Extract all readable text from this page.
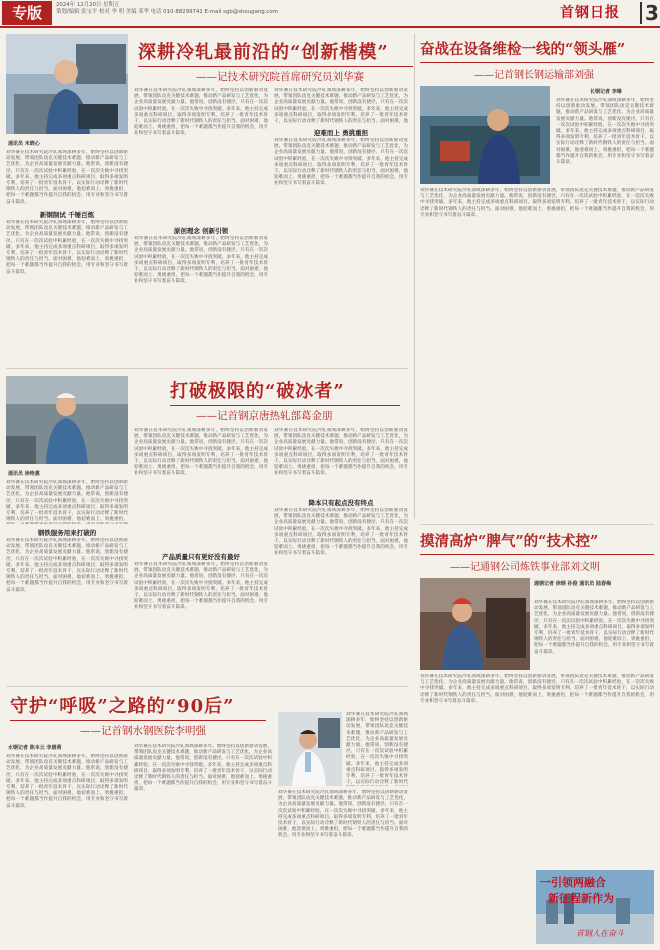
专版	2024年 12月20日 星期五
策划/编辑 张宝平 校对 李 明 美编 邓华 电话 010-88299741 E-mail sgb@shougang.com	首钢日报 3
深耕冷轧最前沿的“创新楷模”
——记技术研究院首席研究员刘华赛
通讯员 米晓心
刘华赛在技术研究院冷轧领域深耕多年，始终坚持以创新驱动发展，带领团队攻克关键技术难题，推动新产品研发与工艺优化，为企业高质量发展贡献力量。他常说，创新没有捷径，只有在一次次试验中积累经验，在一次次失败中寻找突破。多年来，他主持完成多项重点科研项目，取得多项发明专利，培养了一批青年技术骨干，以实际行动诠释了新时代钢铁人的责任与担当。面对困难，他迎难而上、勇挑重担，把每一个难题都当作提升自我的机会，用专业和坚守书写着奋斗篇章。
新钢制试 千锤百炼
刘华赛在技术研究院冷轧领域深耕多年，始终坚持以创新驱动发展，带领团队攻克关键技术难题，推动新产品研发与工艺优化，为企业高质量发展贡献力量。他常说，创新没有捷径，只有在一次次试验中积累经验，在一次次失败中寻找突破。多年来，他主持完成多项重点科研项目，取得多项发明专利，培养了一批青年技术骨干，以实际行动诠释了新时代钢铁人的责任与担当。面对困难，他迎难而上、勇挑重担，把每一个难题都当作提升自我的机会，用专业和坚守书写着奋斗篇章。
刘华赛在技术研究院冷轧领域深耕多年，始终坚持以创新驱动发展，带领团队攻克关键技术难题，推动新产品研发与工艺优化，为企业高质量发展贡献力量。他常说，创新没有捷径，只有在一次次试验中积累经验，在一次次失败中寻找突破。多年来，他主持完成多项重点科研项目，取得多项发明专利，培养了一批青年技术骨干，以实际行动诠释了新时代钢铁人的责任与担当。面对困难，他迎难而上、勇挑重担，把每一个难题都当作提升自我的机会，用专业和坚守书写着奋斗篇章。
原创理念 创新引领
刘华赛在技术研究院冷轧领域深耕多年，始终坚持以创新驱动发展，带领团队攻克关键技术难题，推动新产品研发与工艺优化，为企业高质量发展贡献力量。他常说，创新没有捷径，只有在一次次试验中积累经验，在一次次失败中寻找突破。多年来，他主持完成多项重点科研项目，取得多项发明专利，培养了一批青年技术骨干，以实际行动诠释了新时代钢铁人的责任与担当。面对困难，他迎难而上、勇挑重担，把每一个难题都当作提升自我的机会，用专业和坚守书写着奋斗篇章。
刘华赛在技术研究院冷轧领域深耕多年，始终坚持以创新驱动发展，带领团队攻克关键技术难题，推动新产品研发与工艺优化，为企业高质量发展贡献力量。他常说，创新没有捷径，只有在一次次试验中积累经验，在一次次失败中寻找突破。多年来，他主持完成多项重点科研项目，取得多项发明专利，培养了一批青年技术骨干，以实际行动诠释了新时代钢铁人的责任与担当。面对困难，他
迎难而上 勇挑重担
刘华赛在技术研究院冷轧领域深耕多年，始终坚持以创新驱动发展，带领团队攻克关键技术难题，推动新产品研发与工艺优化，为企业高质量发展贡献力量。他常说，创新没有捷径，只有在一次次试验中积累经验，在一次次失败中寻找突破。多年来，他主持完成多项重点科研项目，取得多项发明专利，培养了一批青年技术骨干，以实际行动诠释了新时代钢铁人的责任与担当。面对困难，他迎难而上、勇挑重担，把每一个难题都当作提升自我的机会，用专业和坚守书写着奋斗篇章。
奋战在设备维检一线的“领头雁”
——记首钢长钢运输部刘强
长钢记者 李琳
刘华赛在技术研究院冷轧领域深耕多年，始终坚持以创新驱动发展，带领团队攻克关键技术难题，推动新产品研发与工艺优化，为企业高质量发展贡献力量。他常说，创新没有捷径，只有在一次次试验中积累经验，在一次次失败中寻找突破。多年来，他主持完成多项重点科研项目，取得多项发明专利，培养了一批青年技术骨干，以实际行动诠释了新时代钢铁人的责任与担当。面对困难，他迎难而上、勇挑重担，把每一个难题都当作提升自我的机会，用专业和坚守书写着奋斗篇章。
刘华赛在技术研究院冷轧领域深耕多年，始终坚持以创新驱动发展，带领团队攻克关键技术难题，推动新产品研发与工艺优化，为企业高质量发展贡献力量。他常说，创新没有捷径，只有在一次次试验中积累经验，在一次次失败中寻找突破。多年来，他主持完成多项重点科研项目，取得多项发明专利，培养了一批青年技术骨干，以实际行动诠释了新时代钢铁人的责任与担当。面对困难，他迎难而上、勇挑重担，把每一个难题都当作提升自我的机会，用专业和坚守书写着奋斗篇章。
打破极限的“破冰者”
——记首钢京唐热轧部葛金朋
通讯员 徐艳惠
刘华赛在技术研究院冷轧领域深耕多年，始终坚持以创新驱动发展，带领团队攻克关键技术难题，推动新产品研发与工艺优化，为企业高质量发展贡献力量。他常说，创新没有捷径，只有在一次次试验中积累经验，在一次次失败中寻找突破。多年来，他主持完成多项重点科研项目，取得多项发明专利，培养了一批青年技术骨干，以实际行动诠释了新时代钢铁人的责任与担当。面对困难，他迎难而上、勇挑重担，
钢铁服务用来打破的
刘华赛在技术研究院冷轧领域深耕多年，始终坚持以创新驱动发展，带领团队攻克关键技术难题，推动新产品研发与工艺优化，为企业高质量发展贡献力量。他常说，创新没有捷径，只有在一次次试验中积累经验，在一次次失败中寻找突破。多年来，他主持完成多项重点科研项目，取得多项发明专利，培养了一批青年技术骨干，以实际行动诠释了新时代钢铁人的责任与担当。面对困难，他迎难而上、勇挑重担，把每一个难题都当作提升自我的机会，用专业和坚守书写着奋斗篇章。
刘华赛在技术研究院冷轧领域深耕多年，始终坚持以创新驱动发展，带领团队攻克关键技术难题，推动新产品研发与工艺优化，为企业高质量发展贡献力量。他常说，创新没有捷径，只有在一次次试验中积累经验，在一次次失败中寻找突破。多年来，他主持完成多项重点科研项目，取得多项发明专利，培养了一批青年技术骨干，以实际行动诠释了新时代钢铁人的责任与担当。面对困难，他迎难而上、勇挑重担，把每一个难题都当作提升自我的机会，用专业和坚守书写着奋斗篇章。
产品质量只有更好没有最好
刘华赛在技术研究院冷轧领域深耕多年，始终坚持以创新驱动发展，带领团队攻克关键技术难题，推动新产品研发与工艺优化，为企业高质量发展贡献力量。他常说，创新没有捷径，只有在一次次试验中积累经验，在一次次失败中寻找突破。多年来，他主持完成多项重点科研项目，取得多项发明专利，培养了一批青年技术骨干，以实际行动诠释了新时代钢铁人的责任与担当。面对困难，他迎难而上、勇挑重担，把每一个难题都当作提升自我的机会，用专业和坚守书写着奋斗篇章。
刘华赛在技术研究院冷轧领域深耕多年，始终坚持以创新驱动发展，带领团队攻克关键技术难题，推动新产品研发与工艺优化，为企业高质量发展贡献力量。他常说，创新没有捷径，只有在一次次试验中积累经验，在一次次失败中寻找突破。多年来，他主持完成多项重点科研项目，取得多项发明专利，培养了一批青年技术骨干，以实际行动诠释了新时代钢铁人的责任与担当。面对困难，他迎难而上、勇挑重担，把每一个难题都当作提升自我的机会，用专业和坚守书写着奋斗篇章。
降本只有起点没有终点
刘华赛在技术研究院冷轧领域深耕多年，始终坚持以创新驱动发展，带领团队攻克关键技术难题，推动新产品研发与工艺优化，为企业高质量发展贡献力量。他常说，创新没有捷径，只有在一次次试验中积累经验，在一次次失败中寻找突破。多年来，他主持完成多项重点科研项目，取得多项发明专利，培养了一批青年技术骨干，以实际行动诠释了新时代钢铁人的责任与担当。面对困难，他迎难而上、勇挑重担，把每一个难题都当作提升自我的机会，用专业和坚守书写着奋斗篇章。
摸清高炉“脾气”的“技术控”
——记通钢公司炼铁事业部刘文明
通钢记者 徐钢 孙俊 通讯员 陆春梅
刘华赛在技术研究院冷轧领域深耕多年，始终坚持以创新驱动发展，带领团队攻克关键技术难题，推动新产品研发与工艺优化，为企业高质量发展贡献力量。他常说，创新没有捷径，只有在一次次试验中积累经验，在一次次失败中寻找突破。多年来，他主持完成多项重点科研项目，取得多项发明专利，培养了一批青年技术骨干，以实际行动诠释了新时代钢铁人的责任与担当。面对困难，他迎难而上、勇挑重担，把每一个难题都当作提升自我的机会，用专业和坚守书写着奋斗篇章。
刘华赛在技术研究院冷轧领域深耕多年，始终坚持以创新驱动发展，带领团队攻克关键技术难题，推动新产品研发与工艺优化，为企业高质量发展贡献力量。他常说，创新没有捷径，只有在一次次试验中积累经验，在一次次失败中寻找突破。多年来，他主持完成多项重点科研项目，取得多项发明专利，培养了一批青年技术骨干，以实际行动诠释了新时代钢铁人的责任与担当。面对困难，他迎难而上、勇挑重担，把每一个难题都当作提升自我的机会，用专业和坚守书写着奋斗篇章。
守护“呼吸”之路的“90后”
——记首钢水钢医院李明强
水钢记者 陈本云 李晨萌
刘华赛在技术研究院冷轧领域深耕多年，始终坚持以创新驱动发展，带领团队攻克关键技术难题，推动新产品研发与工艺优化，为企业高质量发展贡献力量。他常说，创新没有捷径，只有在一次次试验中积累经验，在一次次失败中寻找突破。多年来，他主持完成多项重点科研项目，取得多项发明专利，培养了一批青年技术骨干，以实际行动诠释了新时代钢铁人的责任与担当。面对困难，他迎难而上、勇挑重担，把每一个难题都当作提升自我的机会，用专业和坚守书写着奋斗篇章。
刘华赛在技术研究院冷轧领域深耕多年，始终坚持以创新驱动发展，带领团队攻克关键技术难题，推动新产品研发与工艺优化，为企业高质量发展贡献力量。他常说，创新没有捷径，只有在一次次试验中积累经验，在一次次失败中寻找突破。多年来，他主持完成多项重点科研项目，取得多项发明专利，培养了一批青年技术骨干，以实际行动诠释了新时代钢铁人的责任与担当。面对困难，他迎难而上、勇挑重担，把每一个难题都当作提升自我的机会，用专业和坚守书写着奋斗篇章。
刘华赛在技术研究院冷轧领域深耕多年，始终坚持以创新驱动发展，带领团队攻克关键技术难题，推动新产品研发与工艺优化，为企业高质量发展贡献力量。他常说，创新没有捷径，只有在一次次试验中积累经验，在一次次失败中寻找突破。多年来，他主持完成多项重点科研项目，取得多项发明专利，培养了一批青年技术骨干，以实际行动诠释了新时代
刘华赛在技术研究院冷轧领域深耕多年，始终坚持以创新驱动发展，带领团队攻克关键技术难题，推动新产品研发与工艺优化，为企业高质量发展贡献力量。他常说，创新没有捷径，只有在一次次试验中积累经验，在一次次失败中寻找突破。多年来，他主持完成多项重点科研项目，取得多项发明专利，培养了一批青年技术骨干，以实际行动诠释了新时代钢铁人的责任与担当。面对困难，他迎难而上、勇挑重担，把每一个难题都当作提升自我的机会，用专业和坚守书写着奋斗篇章。
一引领两融合
新征程新作为
首钢人在奋斗
